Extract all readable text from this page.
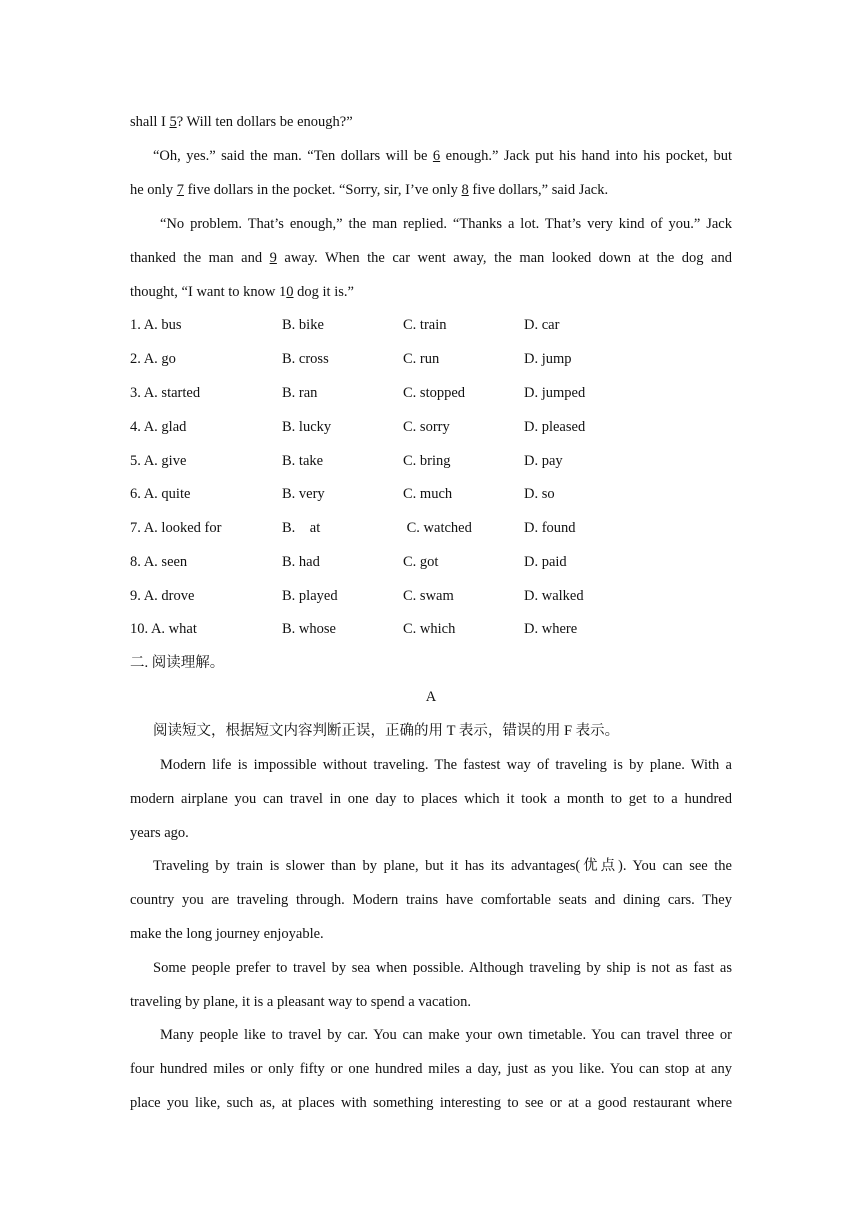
shall I 5? Will ten dollars be enough?”
“Oh, yes.” said the man. “Ten dollars will be 6 enough.” Jack put his hand into his pocket, but
he only 7 five dollars in the pocket. “Sorry, sir, I’ve only 8 five dollars,” said Jack.
“No problem. That’s enough,” the man replied. “Thanks a lot. That’s very kind of you.” Jack
thanked the man and 9 away. When the car went away, the man looked down at the dog and
thought, “I want to know 10 dog it is.”
1. A. bus	B. bike	C. train	D. car
2. A. go	B. cross	C. run	D. jump
3. A. started	B. ran	C. stopped	D. jumped
4. A. glad	B. lucky	C. sorry	D. pleased
5. A. give	B. take	C. bring	D. pay
6. A. quite	B. very	C. much	D. so
7. A. looked for	B.    at	C. watched	D. found
8. A. seen	B. had	C. got	D. paid
9. A. drove	B. played	C. swam	D. walked
10. A. what	B. whose	C. which	D. where
二. 阅读理解。
A
阅读短文，根据短文内容判断正误，正确的用 T 表示，错误的用 F 表示。
Modern life is impossible without traveling. The fastest way of traveling is by plane. With a
modern airplane you can travel in one day to places which it took a month to get to a hundred
years ago.
Traveling by train is slower than by plane, but it has its advantages(优点). You can see the
country you are traveling through. Modern trains have comfortable seats and dining cars. They
make the long journey enjoyable.
Some people prefer to travel by sea when possible. Although traveling by ship is not as fast as
traveling by plane, it is a pleasant way to spend a vacation.
Many people like to travel by car. You can make your own timetable. You can travel three or
four hundred miles or only fifty or one hundred miles a day, just as you like. You can stop at any
place you like, such as, at places with something interesting to see or at a good restaurant where
